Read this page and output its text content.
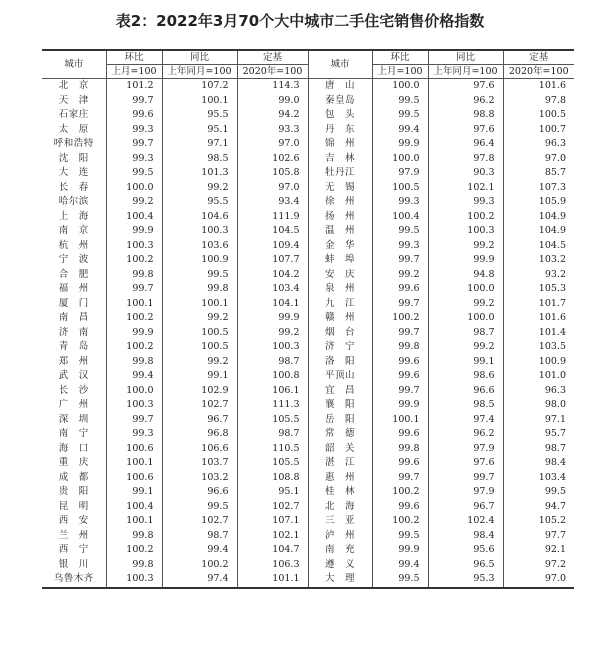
表2：2022年3月70个大中城市二手住宅销售价格指数
城市	环比	同比	定基	城市	环比	同比	定基
	上月=100	上年同月=100	2020年=100		上月=100	上年同月=100	2020年=100
北　京	101.2	107.2	114.3	唐　山	100.0	97.6	101.6
天　津	99.7	100.1	99.0	秦皇岛	99.5	96.2	97.8
石家庄	99.6	95.5	94.2	包　头	99.5	98.8	100.5
太　原	99.3	95.1	93.3	丹　东	99.4	97.6	100.7
呼和浩特	99.7	97.1	97.0	锦　州	99.9	96.4	96.3
沈　阳	99.3	98.5	102.6	吉　林	100.0	97.8	97.0
大　连	99.5	101.3	105.8	牡丹江	97.9	90.3	85.7
长　春	100.0	99.2	97.0	无　锡	100.5	102.1	107.3
哈尔滨	99.2	95.5	93.4	徐　州	99.3	99.3	105.9
上　海	100.4	104.6	111.9	扬　州	100.4	100.2	104.9
南　京	99.9	100.3	104.5	温　州	99.5	100.3	104.9
杭　州	100.3	103.6	109.4	金　华	99.3	99.2	104.5
宁　波	100.2	100.9	107.7	蚌　埠	99.7	99.9	103.2
合　肥	99.8	99.5	104.2	安　庆	99.2	94.8	93.2
福　州	99.7	99.8	103.4	泉　州	99.6	100.0	105.3
厦　门	100.1	100.1	104.1	九　江	99.7	99.2	101.7
南　昌	100.2	99.2	99.9	赣　州	100.2	100.0	101.6
济　南	99.9	100.5	99.2	烟　台	99.7	98.7	101.4
青　岛	100.2	100.5	100.3	济　宁	99.8	99.2	103.5
郑　州	99.8	99.2	98.7	洛　阳	99.6	99.1	100.9
武　汉	99.4	99.1	100.8	平顶山	99.6	98.6	101.0
长　沙	100.0	102.9	106.1	宜　昌	99.7	96.6	96.3
广　州	100.3	102.7	111.3	襄　阳	99.9	98.5	98.0
深　圳	99.7	96.7	105.5	岳　阳	100.1	97.4	97.1
南　宁	99.3	96.8	98.7	常　德	99.6	96.2	95.7
海　口	100.6	106.6	110.5	韶　关	99.8	97.9	98.7
重　庆	100.1	103.7	105.5	湛　江	99.6	97.6	98.4
成　都	100.6	103.2	108.8	惠　州	99.7	99.7	103.4
贵　阳	99.1	96.6	95.1	桂　林	100.2	97.9	99.5
昆　明	100.4	99.5	102.7	北　海	99.6	96.7	94.7
西　安	100.1	102.7	107.1	三　亚	100.2	102.4	105.2
兰　州	99.8	98.7	102.1	泸　州	99.5	98.4	97.7
西　宁	100.2	99.4	104.7	南　充	99.9	95.6	92.1
银　川	99.8	100.2	106.3	遵　义	99.4	96.5	97.2
乌鲁木齐	100.3	97.4	101.1	大　理	99.5	95.3	97.0
